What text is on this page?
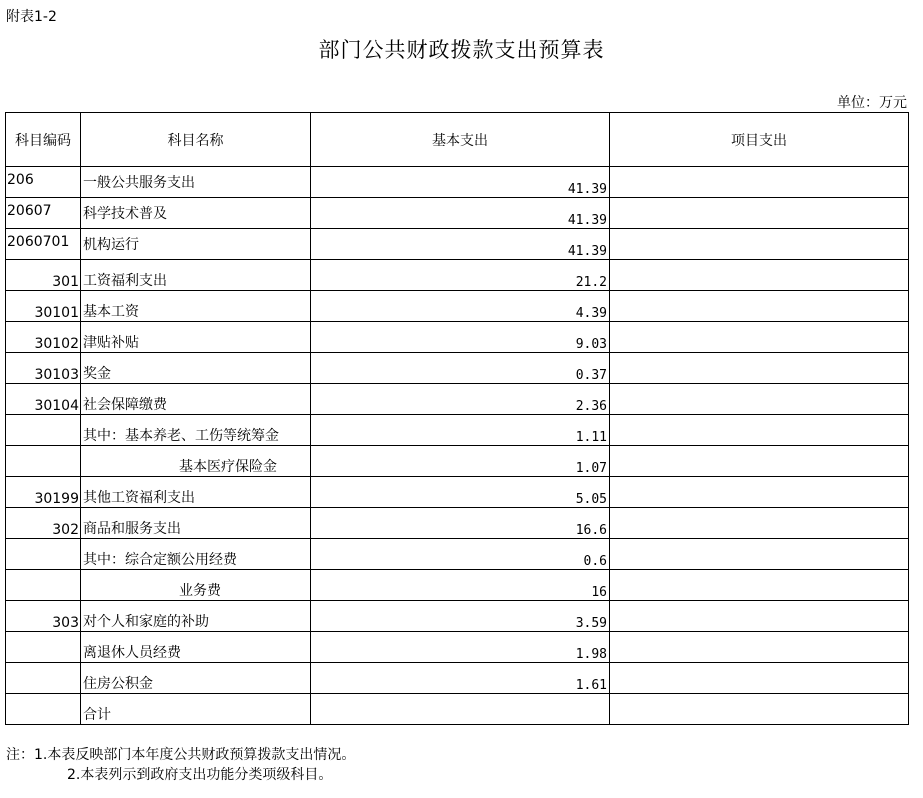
附表1-2
部门公共财政拨款支出预算表
单位：万元
科目编码	科目名称	基本支出	项目支出
206	一般公共服务支出	41.39	
20607	科学技术普及	41.39	
2060701	机构运行	41.39	
301	工资福利支出	21.2	
30101	基本工资	4.39	
30102	津贴补贴	9.03	
30103	奖金	0.37	
30104	社会保障缴费	2.36	
	其中：基本养老、工伤等统筹金	1.11	
	基本医疗保险金	1.07	
30199	其他工资福利支出	5.05	
302	商品和服务支出	16.6	
	其中：综合定额公用经费	0.6	
	业务费	16	
303	对个人和家庭的补助	3.59	
	离退休人员经费	1.98	
	住房公积金	1.61	
	合计		
注：1.本表反映部门本年度公共财政预算拨款支出情况。
2.本表列示到政府支出功能分类项级科目。
